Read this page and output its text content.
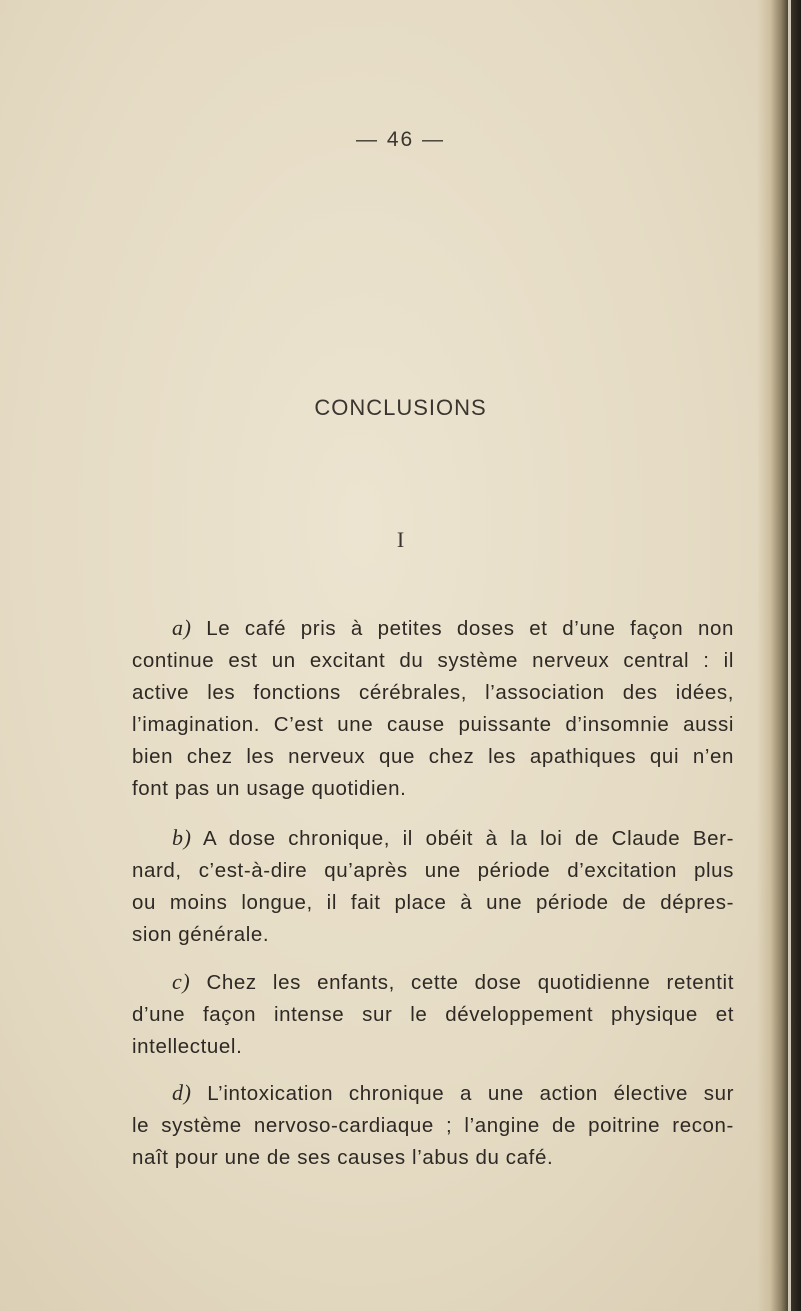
— 46 —
CONCLUSIONS
I
a) Le café pris à petites doses et d’une façon non
continue est un excitant du système nerveux central : il
active les fonctions cérébrales, l’association des idées,
l’imagination. C’est une cause puissante d’insomnie aussi
bien chez les nerveux que chez les apathiques qui n’en
font pas un usage quotidien.
b) A dose chronique, il obéit à la loi de Claude Ber-
nard, c’est-à-dire qu’après une période d’excitation plus
ou moins longue, il fait place à une période de dépres-
sion générale.
c) Chez les enfants, cette dose quotidienne retentit
d’une façon intense sur le développement physique et
intellectuel.
d) L’intoxication chronique a une action élective sur
le système nervoso-cardiaque ; l’angine de poitrine recon-
naît pour une de ses causes l’abus du café.
